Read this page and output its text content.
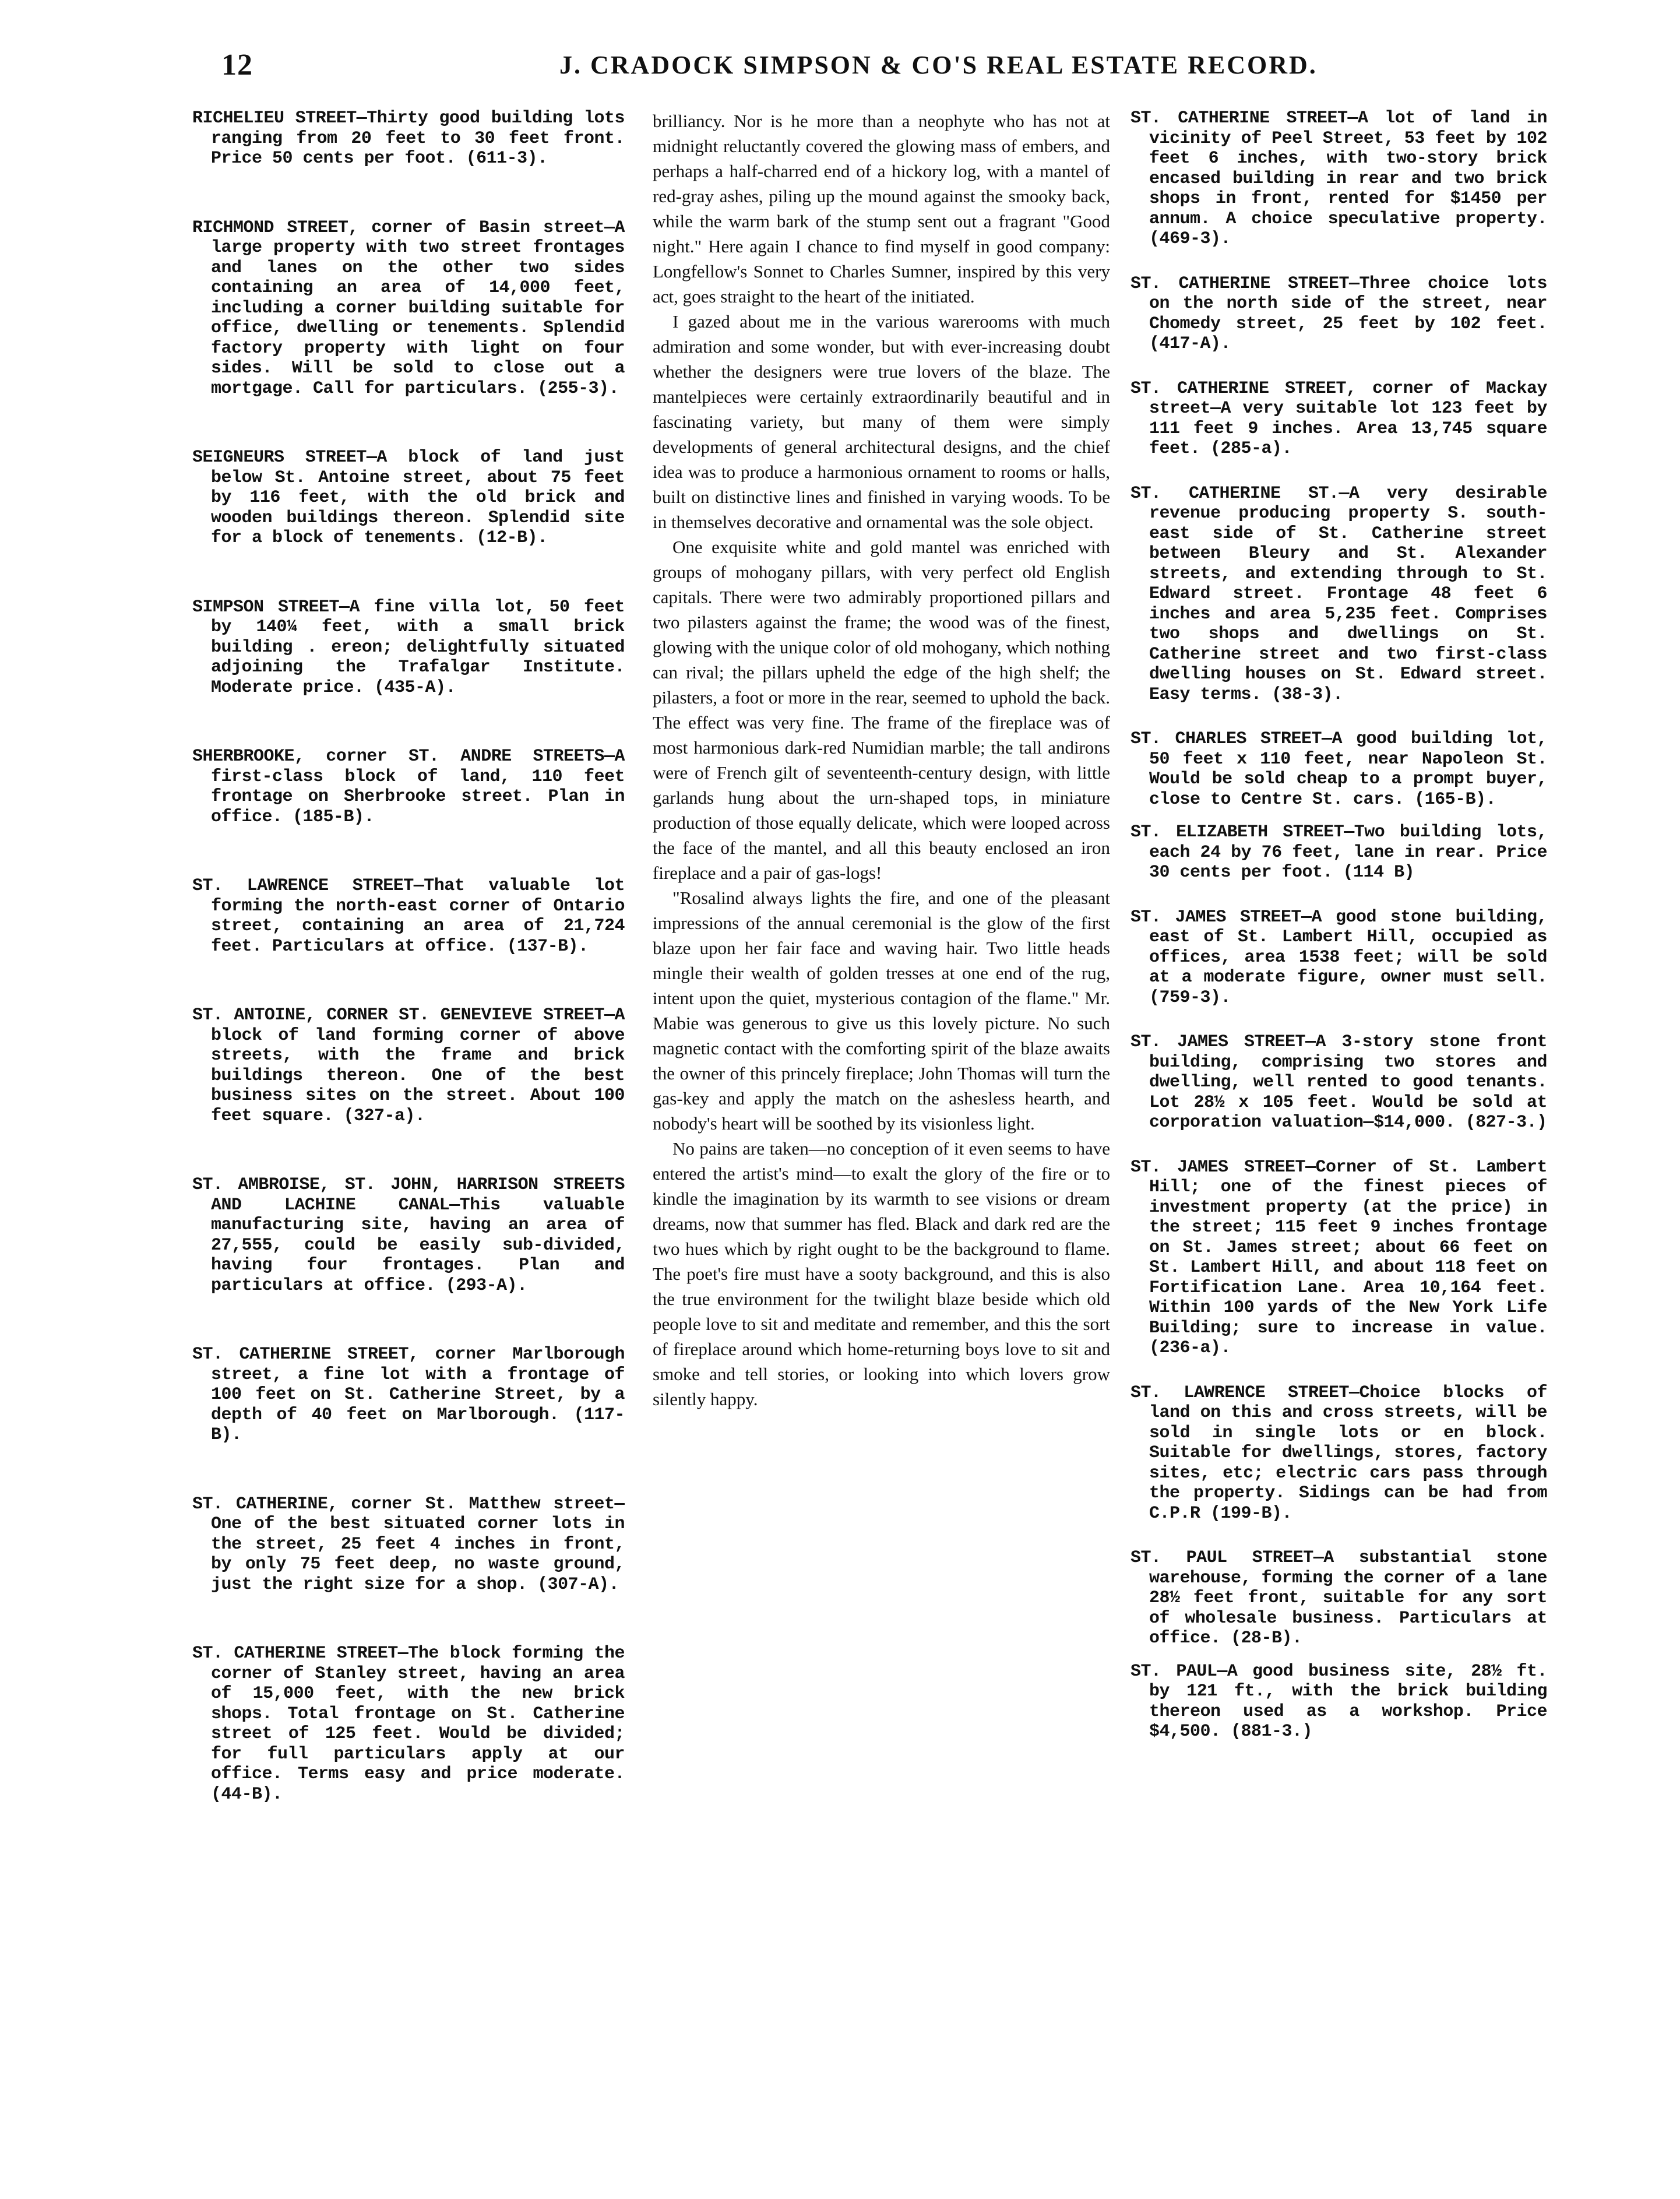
12	J. CRADOCK SIMPSON & CO'S REAL ESTATE RECORD.

RICHELIEU STREET—Thirty good building lots ranging from 20 feet to 30 feet front. Price 50 cents per foot. (611-3).

RICHMOND STREET, corner of Basin street—A large property with two street frontages and lanes on the other two sides containing an area of 14,000 feet, including a corner building suitable for office, dwelling or tenements. Splendid factory property with light on four sides. Will be sold to close out a mortgage. Call for particulars. (255-3).

SEIGNEURS STREET—A block of land just below St. Antoine street, about 75 feet by 116 feet, with the old brick and wooden buildings thereon. Splendid site for a block of tenements. (12-B).

SIMPSON STREET—A fine villa lot, 50 feet by 140¼ feet, with a small brick building . ereon; delightfully situated adjoining the Trafalgar Institute. Moderate price. (435-A).

SHERBROOKE, corner ST. ANDRE STREETS—A first-class block of land, 110 feet frontage on Sherbrooke street. Plan in office. (185-B).

ST. LAWRENCE STREET—That valuable lot forming the north-east corner of Ontario street, containing an area of 21,724 feet. Particulars at office. (137-B).

ST. ANTOINE, CORNER ST. GENEVIEVE STREET—A block of land forming corner of above streets, with the frame and brick buildings thereon. One of the best business sites on the street. About 100 feet square. (327-a).

ST. AMBROISE, ST. JOHN, HARRISON STREETS AND LACHINE CANAL—This valuable manufacturing site, having an area of 27,555, could be easily sub-divided, having four frontages. Plan and particulars at office. (293-A).

ST. CATHERINE STREET, corner Marlborough street, a fine lot with a frontage of 100 feet on St. Catherine Street, by a depth of 40 feet on Marlborough. (117-B).

ST. CATHERINE, corner St. Matthew street—One of the best situated corner lots in the street, 25 feet 4 inches in front, by only 75 feet deep, no waste ground, just the right size for a shop. (307-A).

ST. CATHERINE STREET—The block forming the corner of Stanley street, having an area of 15,000 feet, with the new brick shops. Total frontage on St. Catherine street of 125 feet. Would be divided; for full particulars apply at our office. Terms easy and price moderate. (44-B).

brilliancy. Nor is he more than a neophyte who has not at midnight reluctantly covered the glowing mass of embers, and perhaps a half-charred end of a hickory log, with a mantel of red-gray ashes, piling up the mound against the smooky back, while the warm bark of the stump sent out a fragrant "Good night." Here again I chance to find myself in good company: Longfellow's Sonnet to Charles Sumner, inspired by this very act, goes straight to the heart of the initiated.

I gazed about me in the various warerooms with much admiration and some wonder, but with ever-increasing doubt whether the designers were true lovers of the blaze. The mantelpieces were certainly extraordinarily beautiful and in fascinating variety, but many of them were simply developments of general architectural designs, and the chief idea was to produce a harmonious ornament to rooms or halls, built on distinctive lines and finished in varying woods. To be in themselves decorative and ornamental was the sole object.

One exquisite white and gold mantel was enriched with groups of mohogany pillars, with very perfect old English capitals. There were two admirably proportioned pillars and two pilasters against the frame; the wood was of the finest, glowing with the unique color of old mohogany, which nothing can rival; the pillars upheld the edge of the high shelf; the pilasters, a foot or more in the rear, seemed to uphold the back. The effect was very fine. The frame of the fireplace was of most harmonious dark-red Numidian marble; the tall andirons were of French gilt of seventeenth-century design, with little garlands hung about the urn-shaped tops, in miniature production of those equally delicate, which were looped across the face of the mantel, and all this beauty enclosed an iron fireplace and a pair of gas-logs!

"Rosalind always lights the fire, and one of the pleasant impressions of the annual ceremonial is the glow of the first blaze upon her fair face and waving hair. Two little heads mingle their wealth of golden tresses at one end of the rug, intent upon the quiet, mysterious contagion of the flame." Mr. Mabie was generous to give us this lovely picture. No such magnetic contact with the comforting spirit of the blaze awaits the owner of this princely fireplace; John Thomas will turn the gas-key and apply the match on the ashesless hearth, and nobody's heart will be soothed by its visionless light.

No pains are taken—no conception of it even seems to have entered the artist's mind—to exalt the glory of the fire or to kindle the imagination by its warmth to see visions or dream dreams, now that summer has fled. Black and dark red are the two hues which by right ought to be the background to flame. The poet's fire must have a sooty background, and this is also the true environment for the twilight blaze beside which old people love to sit and meditate and remember, and this the sort of fireplace around which home-returning boys love to sit and smoke and tell stories, or looking into which lovers grow silently happy.

ST. CATHERINE STREET—A lot of land in vicinity of Peel Street, 53 feet by 102 feet 6 inches, with two-story brick encased building in rear and two brick shops in front, rented for $1450 per annum. A choice speculative property. (469-3).

ST. CATHERINE STREET—Three choice lots on the north side of the street, near Chomedy street, 25 feet by 102 feet. (417-A).

ST. CATHERINE STREET, corner of Mackay street—A very suitable lot 123 feet by 111 feet 9 inches. Area 13,745 square feet. (285-a).

ST. CATHERINE ST.—A very desirable revenue producing property S. south-east side of St. Catherine street between Bleury and St. Alexander streets, and extending through to St. Edward street. Frontage 48 feet 6 inches and area 5,235 feet. Comprises two shops and dwellings on St. Catherine street and two first-class dwelling houses on St. Edward street. Easy terms. (38-3).

ST. CHARLES STREET—A good building lot, 50 feet x 110 feet, near Napoleon St. Would be sold cheap to a prompt buyer, close to Centre St. cars. (165-B).

ST. ELIZABETH STREET—Two building lots, each 24 by 76 feet, lane in rear. Price 30 cents per foot. (114 B)

ST. JAMES STREET—A good stone building, east of St. Lambert Hill, occupied as offices, area 1538 feet; will be sold at a moderate figure, owner must sell. (759-3).

ST. JAMES STREET—A 3-story stone front building, comprising two stores and dwelling, well rented to good tenants. Lot 28½ x 105 feet. Would be sold at corporation valuation—$14,000. (827-3.)

ST. JAMES STREET—Corner of St. Lambert Hill; one of the finest pieces of investment property (at the price) in the street; 115 feet 9 inches frontage on St. James street; about 66 feet on St. Lambert Hill, and about 118 feet on Fortification Lane. Area 10,164 feet. Within 100 yards of the New York Life Building; sure to increase in value. (236-a).

ST. LAWRENCE STREET—Choice blocks of land on this and cross streets, will be sold in single lots or en block. Suitable for dwellings, stores, factory sites, etc; electric cars pass through the property. Sidings can be had from C.P.R (199-B).

ST. PAUL STREET—A substantial stone warehouse, forming the corner of a lane 28½ feet front, suitable for any sort of wholesale business. Particulars at office. (28-B).

ST. PAUL—A good business site, 28½ ft. by 121 ft., with the brick building thereon used as a workshop. Price $4,500. (881-3.)
